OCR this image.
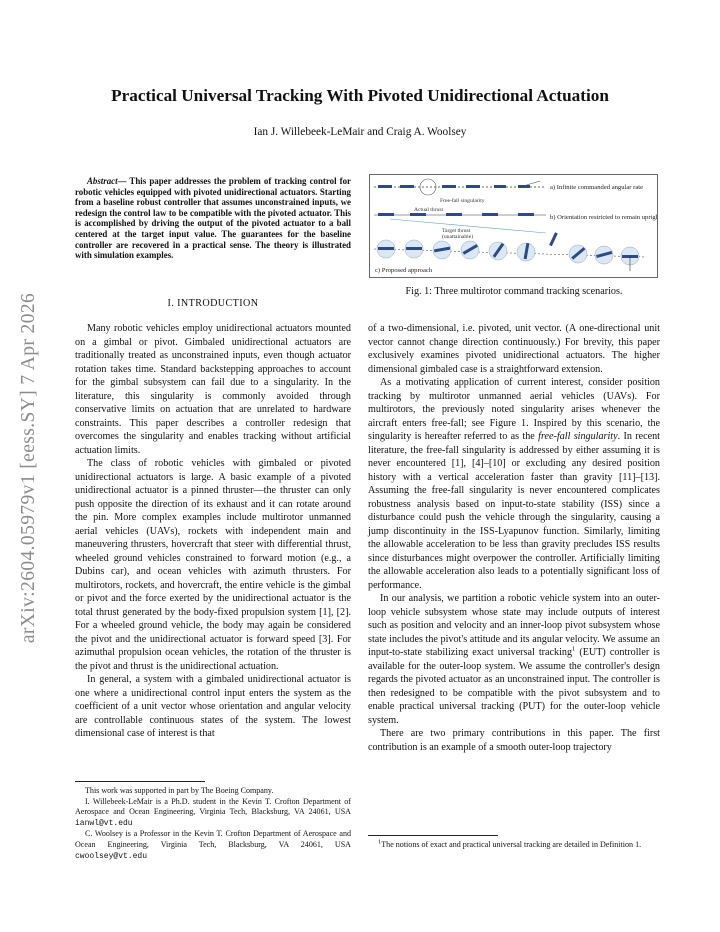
arXiv:2604.05979v1 [eess.SY] 7 Apr 2026
Practical Universal Tracking With Pivoted Unidirectional Actuation
Ian J. Willebeek-LeMair and Craig A. Woolsey
Abstract— This paper addresses the problem of tracking control for robotic vehicles equipped with pivoted unidirectional actuators. Starting from a baseline robust controller that assumes unconstrained inputs, we redesign the control law to be compatible with the pivoted actuator. This is accomplished by driving the output of the pivoted actuator to a ball centered at the target input value. The guarantees for the baseline controller are recovered in a practical sense. The theory is illustrated with simulation examples.
I. INTRODUCTION

Many robotic vehicles employ unidirectional actuators mounted on a gimbal or pivot. Gimbaled unidirectional actuators are traditionally treated as unconstrained inputs, even though actuator rotation takes time. Standard backstepping approaches to account for the gimbal subsystem can fail due to a singularity. In the literature, this singularity is commonly avoided through conservative limits on actuation that are unrelated to hardware constraints. This paper describes a controller redesign that overcomes the singularity and enables tracking without artificial actuation limits.

The class of robotic vehicles with gimbaled or pivoted unidirectional actuators is large. A basic example of a pivoted unidirectional actuator is a pinned thruster—the thruster can only push opposite the direction of its exhaust and it can rotate around the pin. More complex examples include multirotor unmanned aerial vehicles (UAVs), rockets with independent main and maneuvering thrusters, hovercraft that steer with differential thrust, wheeled ground vehicles constrained to forward motion (e.g., a Dubins car), and ocean vehicles with azimuth thrusters. For multirotors, rockets, and hovercraft, the entire vehicle is the gimbal or pivot and the force exerted by the unidirectional actuator is the total thrust generated by the body-fixed propulsion system [1], [2]. For a wheeled ground vehicle, the body may again be considered the pivot and the unidirectional actuator is forward speed [3]. For azimuthal propulsion ocean vehicles, the rotation of the thruster is the pivot and thrust is the unidirectional actuation.

In general, a system with a gimbaled unidirectional actuator is one where a unidirectional control input enters the system as the coefficient of a unit vector whose orientation and angular velocity are controllable continuous states of the system. The lowest dimensional case of interest is that

This work was supported in part by The Boeing Company.

I. Willebeek-LeMair is a Ph.D. student in the Kevin T. Crofton Department of Aerospace and Ocean Engineering, Virginia Tech, Blacksburg, VA 24061, USA ianwl@vt.edu

C. Woolsey is a Professor in the Kevin T. Crofton Department of Aerospace and Ocean Engineering, Virginia Tech, Blacksburg, VA 24061, USA cwoolsey@vt.edu

Free-fall singularity
Actual thrust
Target thrust
(unattainable)
a) Infinite commanded angular rate
b) Orientation restricted to remain upright
c) Proposed approach
Fig. 1: Three multirotor command tracking scenarios.

of a two-dimensional, i.e. pivoted, unit vector. (A one-directional unit vector cannot change direction continuously.) For brevity, this paper exclusively examines pivoted unidirectional actuators. The higher dimensional gimbaled case is a straightforward extension.

As a motivating application of current interest, consider position tracking by multirotor unmanned aerial vehicles (UAVs). For multirotors, the previously noted singularity arises whenever the aircraft enters free-fall; see Figure 1. Inspired by this scenario, the singularity is hereafter referred to as the free-fall singularity. In recent literature, the free-fall singularity is addressed by either assuming it is never encountered [1], [4]–[10] or excluding any desired position history with a vertical acceleration faster than gravity [11]–[13]. Assuming the free-fall singularity is never encountered complicates robustness analysis based on input-to-state stability (ISS) since a disturbance could push the vehicle through the singularity, causing a jump discontinuity in the ISS-Lyapunov function. Similarly, limiting the allowable acceleration to be less than gravity precludes ISS results since disturbances might overpower the controller. Artificially limiting the allowable acceleration also leads to a potentially significant loss of performance.

In our analysis, we partition a robotic vehicle system into an outer-loop vehicle subsystem whose state may include outputs of interest such as position and velocity and an inner-loop pivot subsystem whose state includes the pivot's attitude and its angular velocity. We assume an input-to-state stabilizing exact universal tracking$^1$ (EUT) controller is available for the outer-loop system. We assume the controller's design regards the pivoted actuator as an unconstrained input. The controller is then redesigned to be compatible with the pivot subsystem and to enable practical universal tracking (PUT) for the outer-loop vehicle system.

There are two primary contributions in this paper. The first contribution is an example of a smooth outer-loop trajectory

$^1$The notions of exact and practical universal tracking are detailed in Definition 1.
